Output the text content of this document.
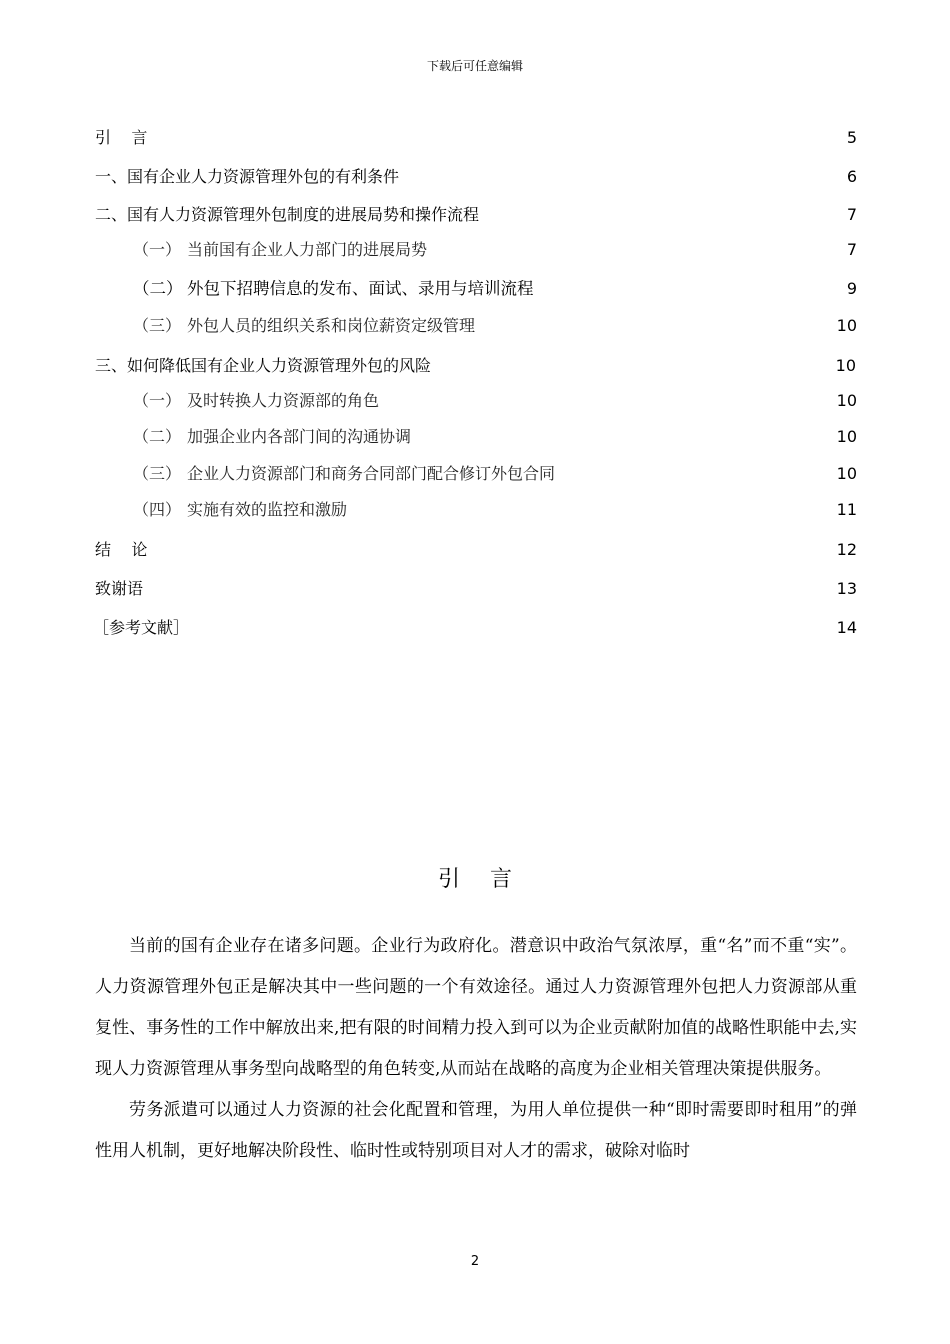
下载后可任意编辑
引    言	5
一、国有企业人力资源管理外包的有利条件	6
二、国有人力资源管理外包制度的进展局势和操作流程	7
（一） 当前国有企业人力部门的进展局势	7
（二） 外包下招聘信息的发布、面试、录用与培训流程	9
（三） 外包人员的组织关系和岗位薪资定级管理	10
三、如何降低国有企业人力资源管理外包的风险	10
（一） 及时转换人力资源部的角色	10
（二） 加强企业内各部门间的沟通协调	10
（三） 企业人力资源部门和商务合同部门配合修订外包合同	10
（四） 实施有效的监控和激励	11
结    论	12
致谢语	13
［参考文献］	14
引言

当前的国有企业存在诸多问题。企业行为政府化。潜意识中政治气氛浓厚，重“名”而不重“实”。人力资源管理外包正是解决其中一些问题的一个有效途径。通过人力资源管理外包把人力资源部从重复性、事务性的工作中解放出来,把有限的时间精力投入到可以为企业贡献附加值的战略性职能中去,实现人力资源管理从事务型向战略型的角色转变,从而站在战略的高度为企业相关管理决策提供服务。

劳务派遣可以通过人力资源的社会化配置和管理，为用人单位提供一种“即时需要即时租用”的弹性用人机制，更好地解决阶段性、临时性或特别项目对人才的需求，破除对临时

2
